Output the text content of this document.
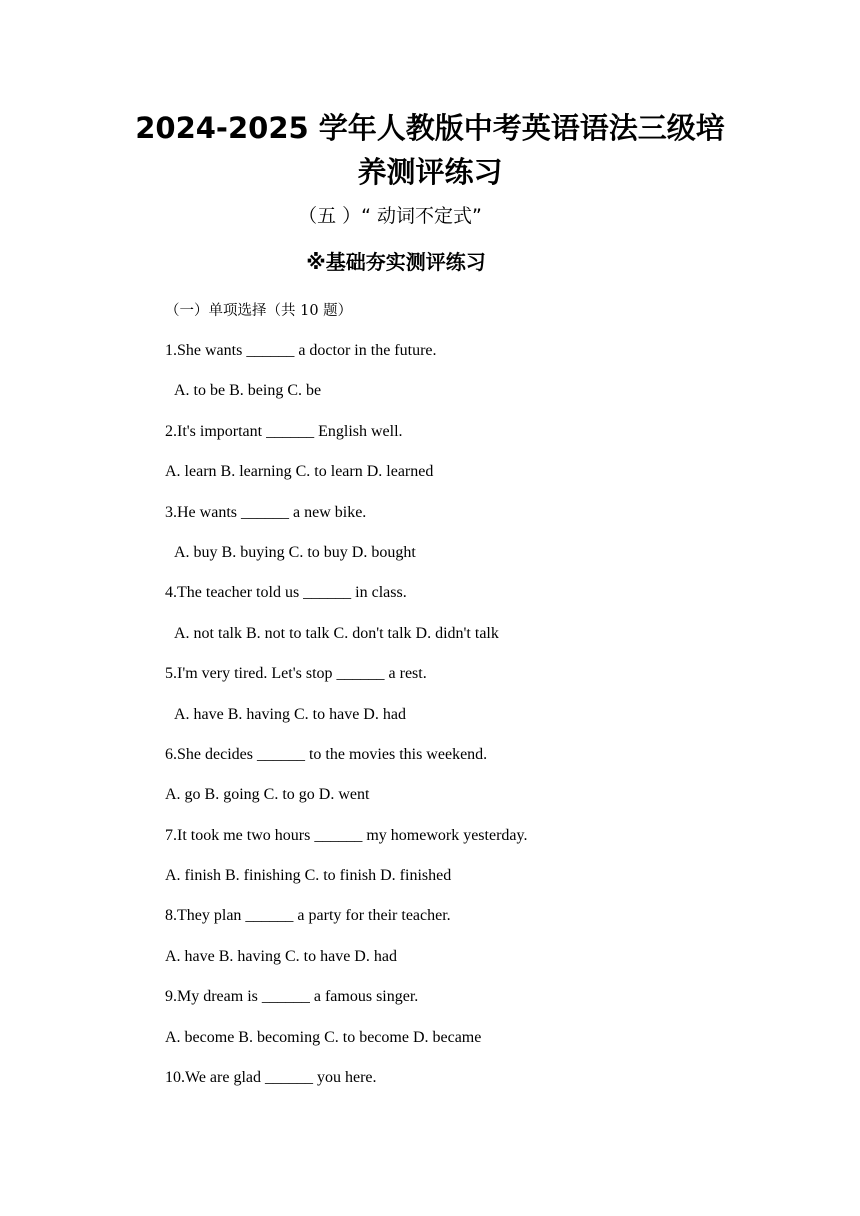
2024-2025 学年人教版中考英语语法三级培
养测评练习
（五 ）“ 动词不定式”
※基础夯实测评练习
（一）单项选择（共 10 题）
1.She wants ______ a doctor in the future.
A. to be B. being C. be
2.It's important ______ English well.
A. learn B. learning C. to learn D. learned
3.He wants ______ a new bike.
A. buy B. buying C. to buy D. bought
4.The teacher told us ______ in class.
A. not talk B. not to talk C. don't talk D. didn't talk
5.I'm very tired. Let's stop ______ a rest.
A. have B. having C. to have D. had
6.She decides ______ to the movies this weekend.
A. go B. going C. to go D. went
7.It took me two hours ______ my homework yesterday.
A. finish B. finishing C. to finish D. finished
8.They plan ______ a party for their teacher.
A. have B. having C. to have D. had
9.My dream is ______ a famous singer.
A. become B. becoming C. to become D. became
10.We are glad ______ you here.
